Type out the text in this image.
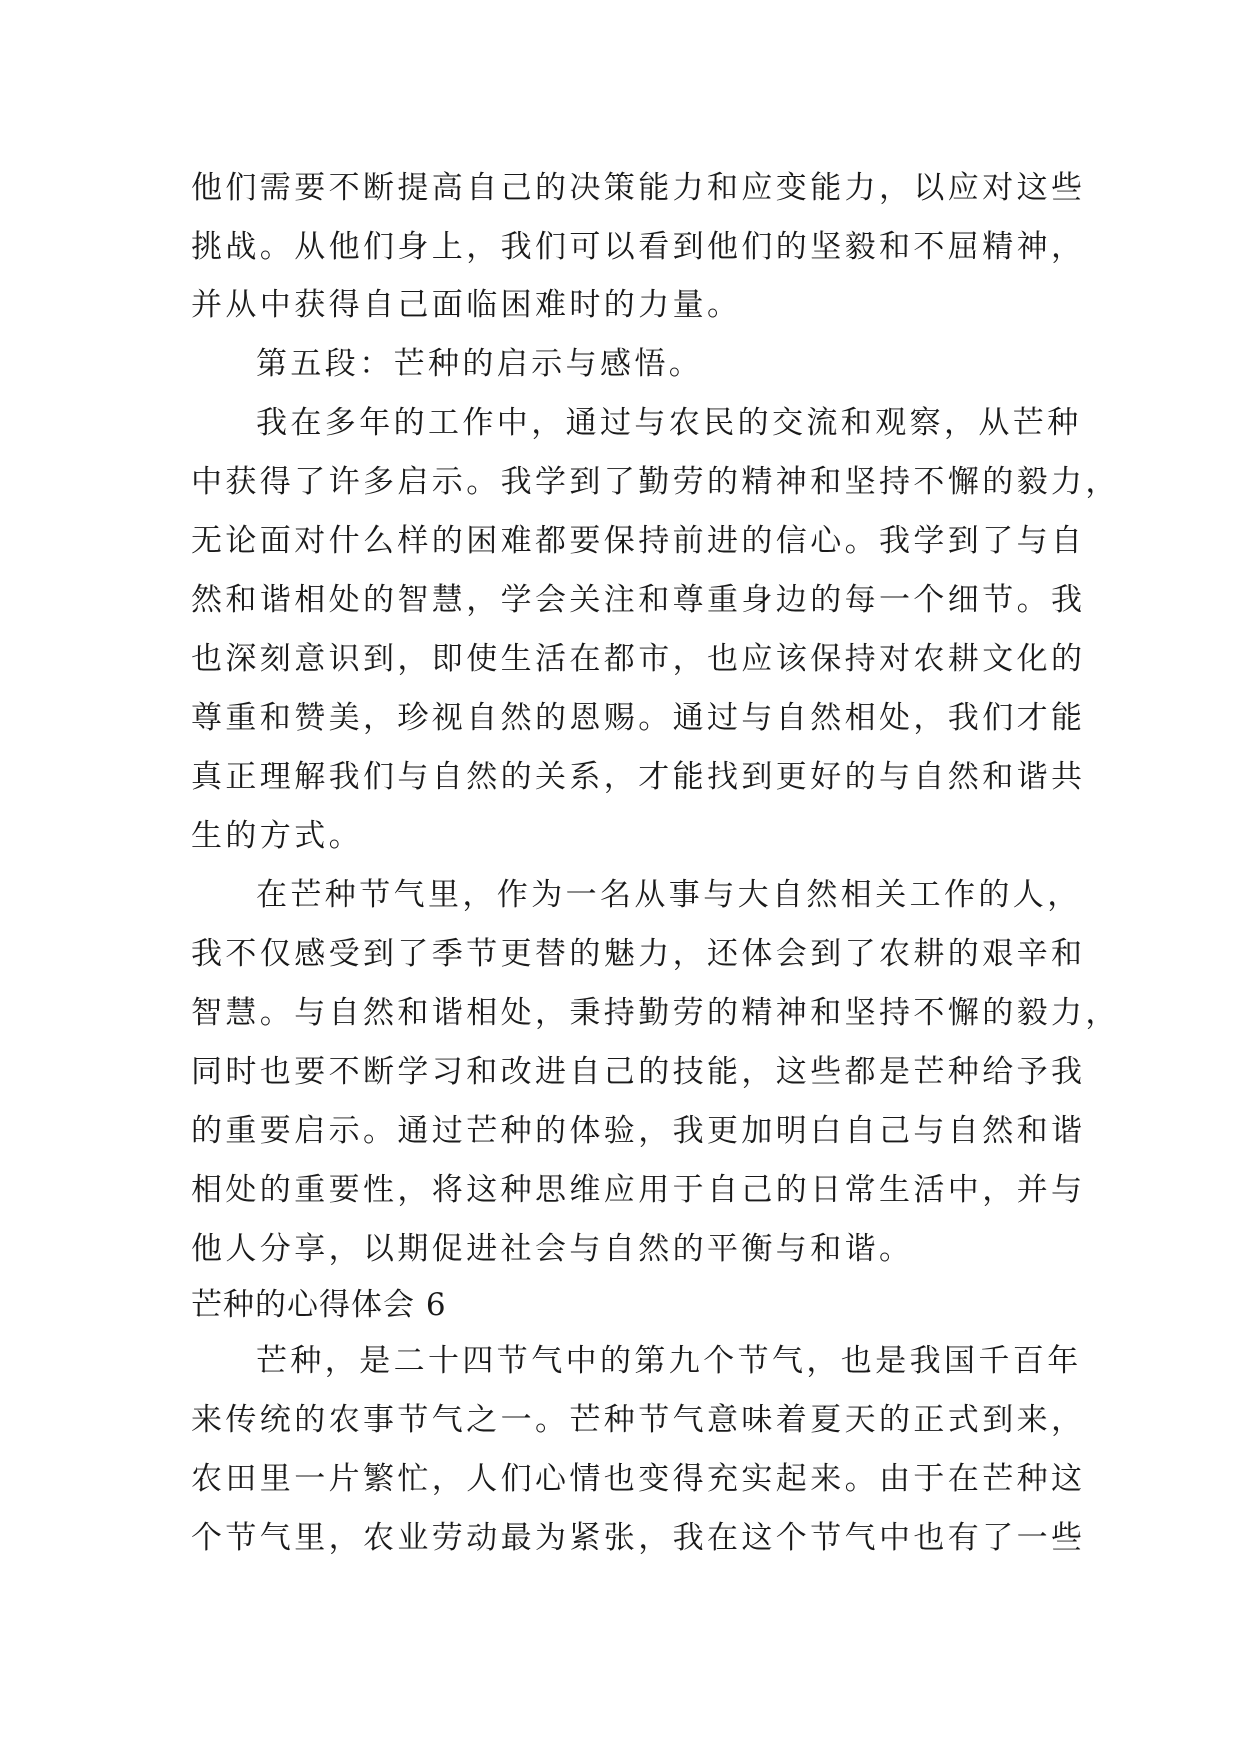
他们需要不断提高自己的决策能力和应变能力，以应对这些
挑战。从他们身上，我们可以看到他们的坚毅和不屈精神，
并从中获得自己面临困难时的力量。
第五段：芒种的启示与感悟。
我在多年的工作中，通过与农民的交流和观察，从芒种
中获得了许多启示。我学到了勤劳的精神和坚持不懈的毅力，
无论面对什么样的困难都要保持前进的信心。我学到了与自
然和谐相处的智慧，学会关注和尊重身边的每一个细节。我
也深刻意识到，即使生活在都市，也应该保持对农耕文化的
尊重和赞美，珍视自然的恩赐。通过与自然相处，我们才能
真正理解我们与自然的关系，才能找到更好的与自然和谐共
生的方式。
在芒种节气里，作为一名从事与大自然相关工作的人，
我不仅感受到了季节更替的魅力，还体会到了农耕的艰辛和
智慧。与自然和谐相处，秉持勤劳的精神和坚持不懈的毅力，
同时也要不断学习和改进自己的技能，这些都是芒种给予我
的重要启示。通过芒种的体验，我更加明白自己与自然和谐
相处的重要性，将这种思维应用于自己的日常生活中，并与
他人分享，以期促进社会与自然的平衡与和谐。
芒种的心得体会 6
芒种，是二十四节气中的第九个节气，也是我国千百年
来传统的农事节气之一。芒种节气意味着夏天的正式到来，
农田里一片繁忙，人们心情也变得充实起来。由于在芒种这
个节气里，农业劳动最为紧张，我在这个节气中也有了一些
